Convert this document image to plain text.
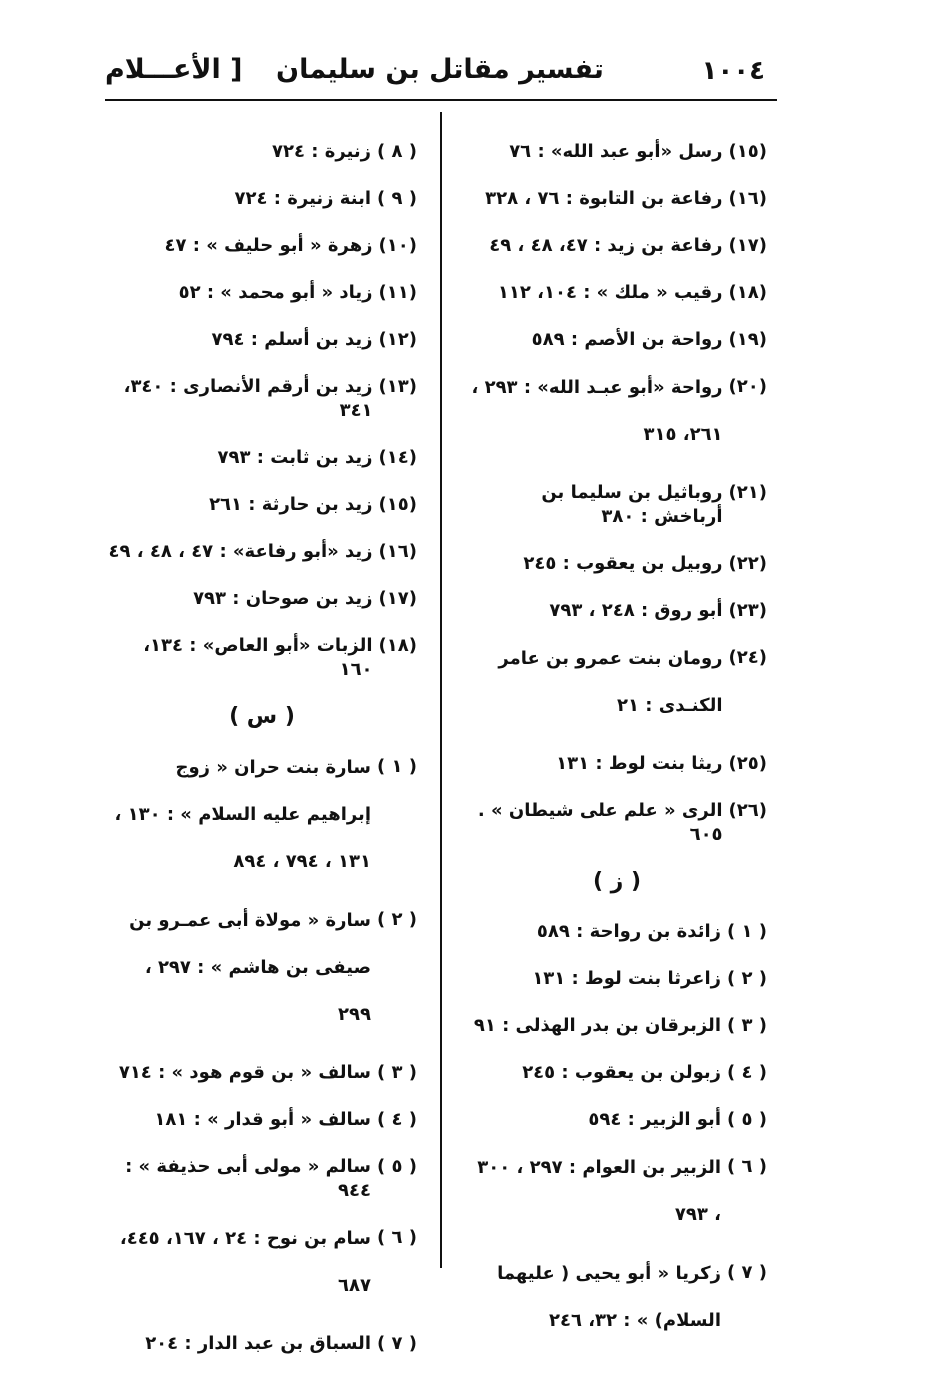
١٠٠٤
تفسير مقاتل بن سليمان
[ الأعـــلام
(١٥)
رسل «أبو عبد الله» : ٧٦
(١٦)
رفاعة بن التابوة : ٧٦ ، ٣٢٨
(١٧)
رفاعة بن زيد : ٤٧، ٤٨ ، ٤٩
(١٨)
رقيب « ملك » : ١٠٤، ١١٢
(١٩)
رواحة بن الأصم : ٥٨٩
(٢٠)
رواحة «أبو عبـد الله» : ٢٩٣ ، ٢٦١، ٣١٥
(٢١)
روباثيل بن سليما بن أرباخش : ٣٨٠
(٢٢)
روبيل بن يعقوب : ٢٤٥
(٢٣)
أبو روق : ٢٤٨ ، ٧٩٣
(٢٤)
رومان بنت عمرو بن عامر الكنـدى : ٢١
(٢٥)
ريثا بنت لوط : ١٣١
(٢٦)
الرى « علم على شيطان » . ٦٠٥
( ز )
( ١ )
زائدة بن رواحة : ٥٨٩
( ٢ )
زاعرثا بنت لوط : ١٣١
( ٣ )
الزبرقان بن بدر الهذلى : ٩١
( ٤ )
زبولن بن يعقوب : ٢٤٥
( ٥ )
أبو الزبير : ٥٩٤
( ٦ )
الزبير بن العوام : ٢٩٧ ، ٣٠٠ ، ٧٩٣
( ٧ )
زكريا « أبو يحيى ( عليهما السلام) » : ٣٢، ٢٤٦
( ٨ )
زنيرة : ٧٢٤
( ٩ )
ابنة زنيرة : ٧٢٤
(١٠)
زهرة « أبو حليف » : ٤٧
(١١)
زياد « أبو محمد » : ٥٢
(١٢)
زيد بن أسلم : ٧٩٤
(١٣)
زيد بن أرقم الأنصارى : ٣٤٠، ٣٤١
(١٤)
زيد بن ثابت : ٧٩٣
(١٥)
زيد بن حارثة : ٢٦١
(١٦)
زيد «أبو رفاعة» : ٤٧ ، ٤٨ ، ٤٩
(١٧)
زيد بن صوحان : ٧٩٣
(١٨)
الزبات «أبو العاص» : ١٣٤، ١٦٠
( س )
( ١ )
سارة بنت حران « زوج إبراهيم عليه السلام » : ١٣٠ ، ١٣١ ، ٧٩٤ ، ٨٩٤
( ٢ )
سارة « مولاة أبى عمـرو بن صيفى بن هاشم » : ٢٩٧ ، ٢٩٩
( ٣ )
سالف « بن قوم هود » : ٧١٤
( ٤ )
سالف « أبو قدار » : ١٨١
( ٥ )
سالم « مولى أبى حذيفة » : ٩٤٤
( ٦ )
سام بن نوح : ٢٤ ، ١٦٧، ٤٤٥، ٦٨٧
( ٧ )
السباق بن عبد الدار : ٢٠٤
